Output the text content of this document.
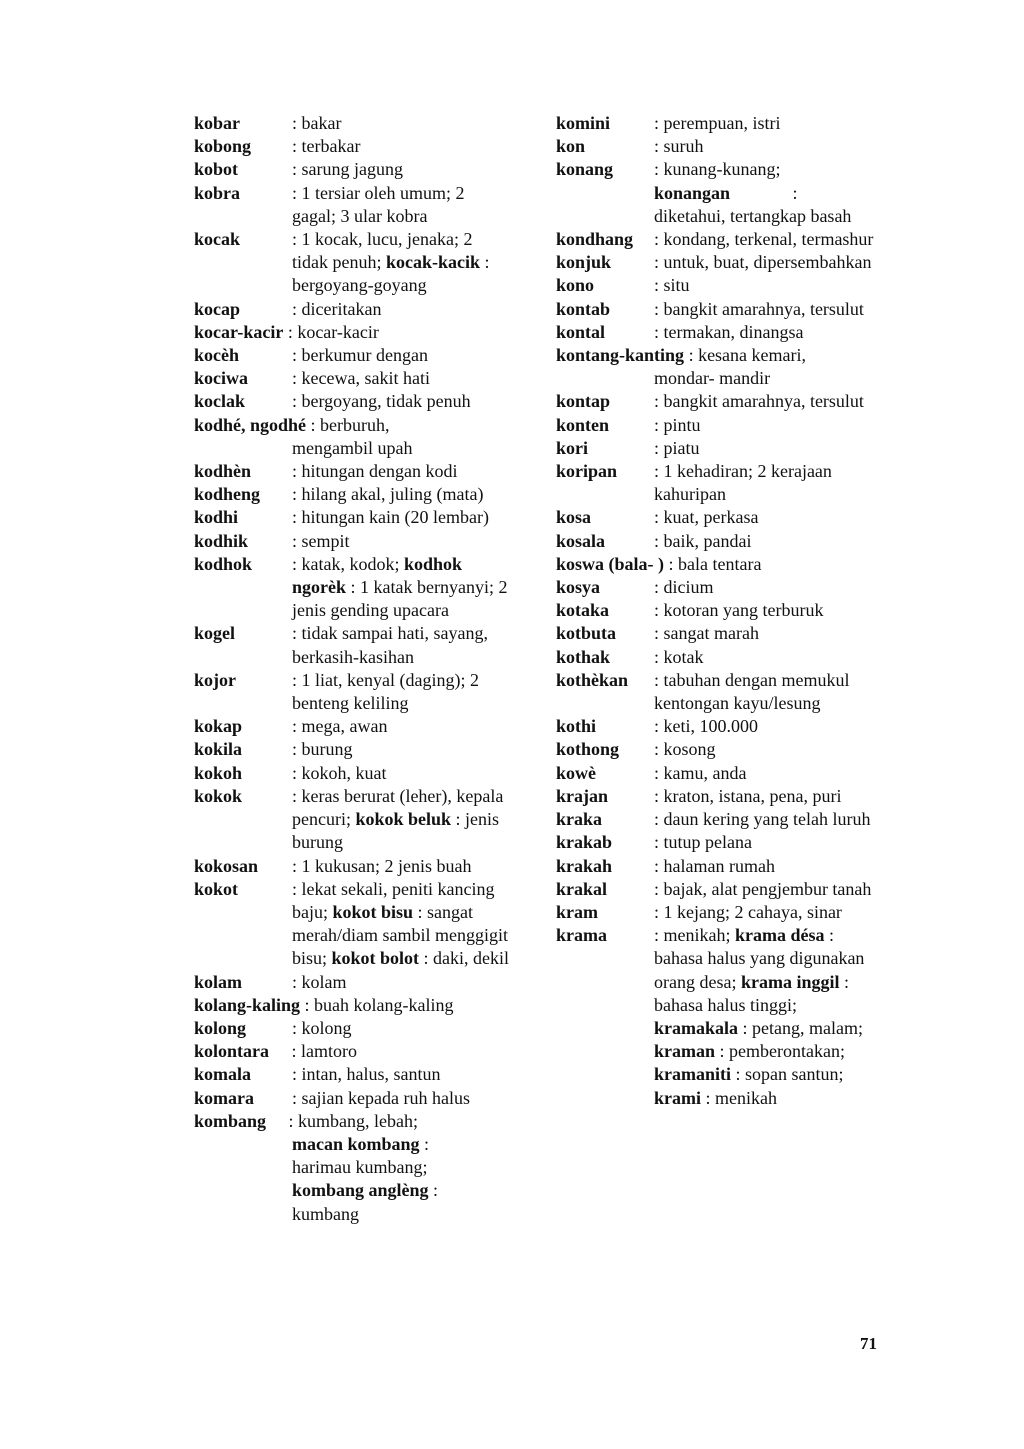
kobar	: bakar
kobong : terbakar
kobot	: sarung jagung
kobra	: 1 tersiar oleh umum; 2 gagal; 3 ular kobra
kocak	: 1 kocak, lucu, jenaka; 2 tidak penuh; kocak-kacik : bergoyang-goyang
kocap	: diceritakan
kocar-kacir : kocar-kacir
kocèh	: berkumur dengan
kociwa : kecewa, sakit hati
koclak	: bergoyang, tidak penuh
kodhé, ngodhé : berburuh,
mengambil upah
kodhèn : hitungan dengan kodi
kodheng : hilang akal, juling (mata)
kodhi	: hitungan kain (20 lembar)
kodhik : sempit
kodhok : katak, kodok; kodhok ngorèk : 1 katak bernyanyi; 2 jenis gending upacara
kogel	: tidak sampai hati, sayang, berkasih-kasihan
kojor	: 1 liat, kenyal (daging); 2 benteng keliling
kokap	: mega, awan
kokila	: burung
kokoh	: kokoh, kuat
kokok	: keras berurat (leher), kepala pencuri; kokok beluk : jenis burung
kokosan : 1 kukusan; 2 jenis buah
kokot	: lekat sekali, peniti kancing baju; kokot bisu : sangat merah/diam sambil menggigit bisu; kokot bolot : daki, dekil
kolam	: kolam
kolang-kaling : buah kolang-kaling
kolong	: kolong
kolontara : lamtoro
komala : intan, halus, santun
komara : sajian kepada ruh halus
kombang : kumbang, lebah;
macan kombang :
harimau kumbang;
kombang anglèng :
kumbang
komini : perempuan, istri
kon	: suruh
konang : kunang-kunang;
konangan	:
diketahui, tertangkap basah
kondhang : kondang, terkenal, termashur
konjuk : untuk, buat, dipersembahkan
kono	: situ
kontab : bangkit amarahnya, tersulut
kontal	: termakan, dinangsa
kontang-kanting : kesana kemari,
mondar- mandir
kontap : bangkit amarahnya, tersulut
konten : pintu
kori	: piatu
koripan : 1 kehadiran; 2 kerajaan kahuripan
kosa	: kuat, perkasa
kosala	: baik, pandai
koswa (bala- ) : bala tentara
kosya	: dicium
kotaka : kotoran yang terburuk
kotbuta : sangat marah
kothak : kotak
kothèkan : tabuhan dengan memukul kentongan kayu/lesung
kothi	: keti, 100.000
kothong : kosong
kowè	: kamu, anda
krajan	: kraton, istana, pena, puri
kraka	: daun kering yang telah luruh
krakab : tutup pelana
krakah : halaman rumah
krakal	: bajak, alat pengjembur tanah
kram	: 1 kejang; 2 cahaya, sinar
krama	: menikah; krama désa : bahasa halus yang digunakan orang desa; krama inggil : bahasa halus tinggi; kramakala : petang, malam; kraman : pemberontakan; kramaniti : sopan santun; krami : menikah
71
